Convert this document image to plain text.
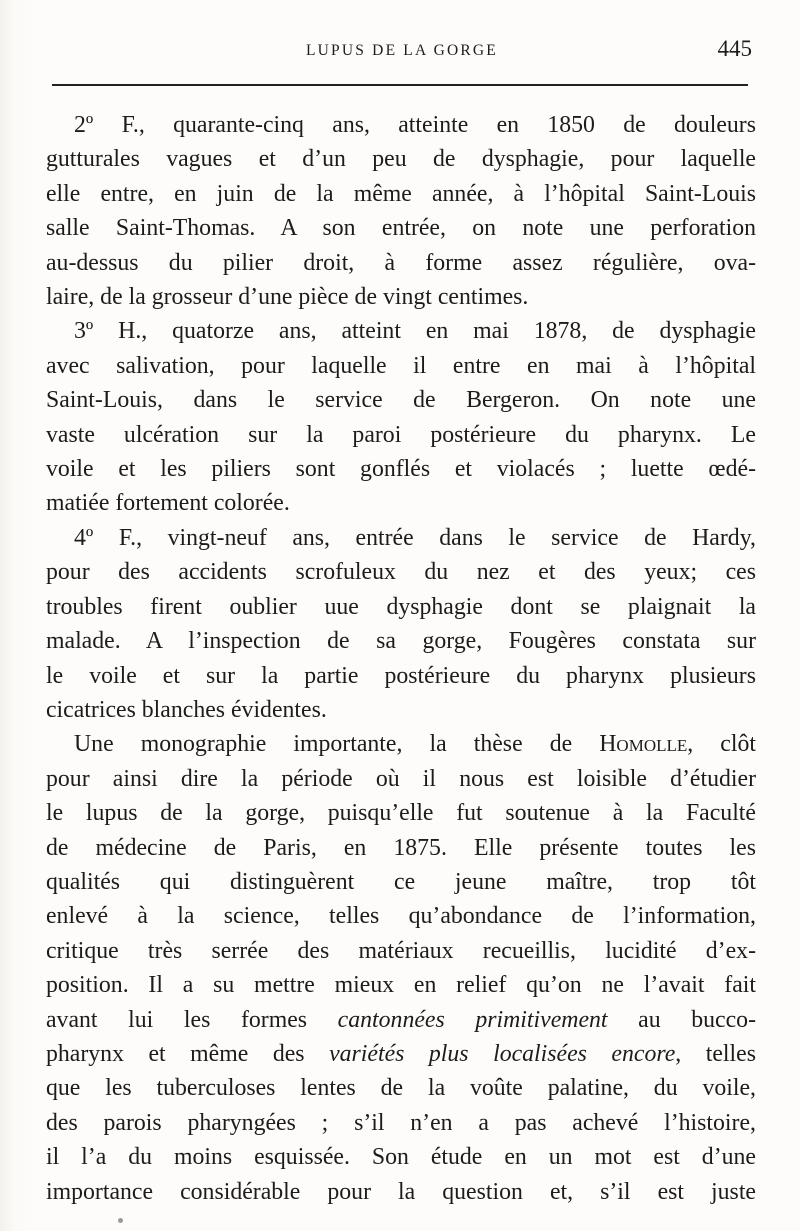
LUPUS DE LA GORGE	445

2º F., quarante-cinq ans, atteinte en 1850 de douleurs
gutturales vagues et d’un peu de dysphagie, pour laquelle
elle entre, en juin de la même année, à l’hôpital Saint-Louis
salle Saint-Thomas. A son entrée, on note une perforation
au-dessus du pilier droit, à forme assez régulière, ova-
laire, de la grosseur d’une pièce de vingt centimes.

3º H., quatorze ans, atteint en mai 1878, de dysphagie
avec salivation, pour laquelle il entre en mai à l’hôpital
Saint-Louis, dans le service de Bergeron. On note une
vaste ulcération sur la paroi postérieure du pharynx. Le
voile et les piliers sont gonflés et violacés ; luette œdé-
matiée fortement colorée.

4º F., vingt-neuf ans, entrée dans le service de Hardy,
pour des accidents scrofuleux du nez et des yeux; ces
troubles firent oublier uue dysphagie dont se plaignait la
malade. A l’inspection de sa gorge, Fougères constata sur
le voile et sur la partie postérieure du pharynx plusieurs
cicatrices blanches évidentes.

Une monographie importante, la thèse de Homolle, clôt
pour ainsi dire la période où il nous est loisible d’étudier
le lupus de la gorge, puisqu’elle fut soutenue à la Faculté
de médecine de Paris, en 1875. Elle présente toutes les
qualités qui distinguèrent ce jeune maître, trop tôt
enlevé à la science, telles qu’abondance de l’information,
critique très serrée des matériaux recueillis, lucidité d’ex-
position. Il a su mettre mieux en relief qu’on ne l’avait fait
avant lui les formes cantonnées primitivement au bucco-
pharynx et même des variétés plus localisées encore, telles
que les tuberculoses lentes de la voûte palatine, du voile,
des parois pharyngées ; s’il n’en a pas achevé l’histoire,
il l’a du moins esquissée. Son étude en un mot est d’une
importance considérable pour la question et, s’il est juste
